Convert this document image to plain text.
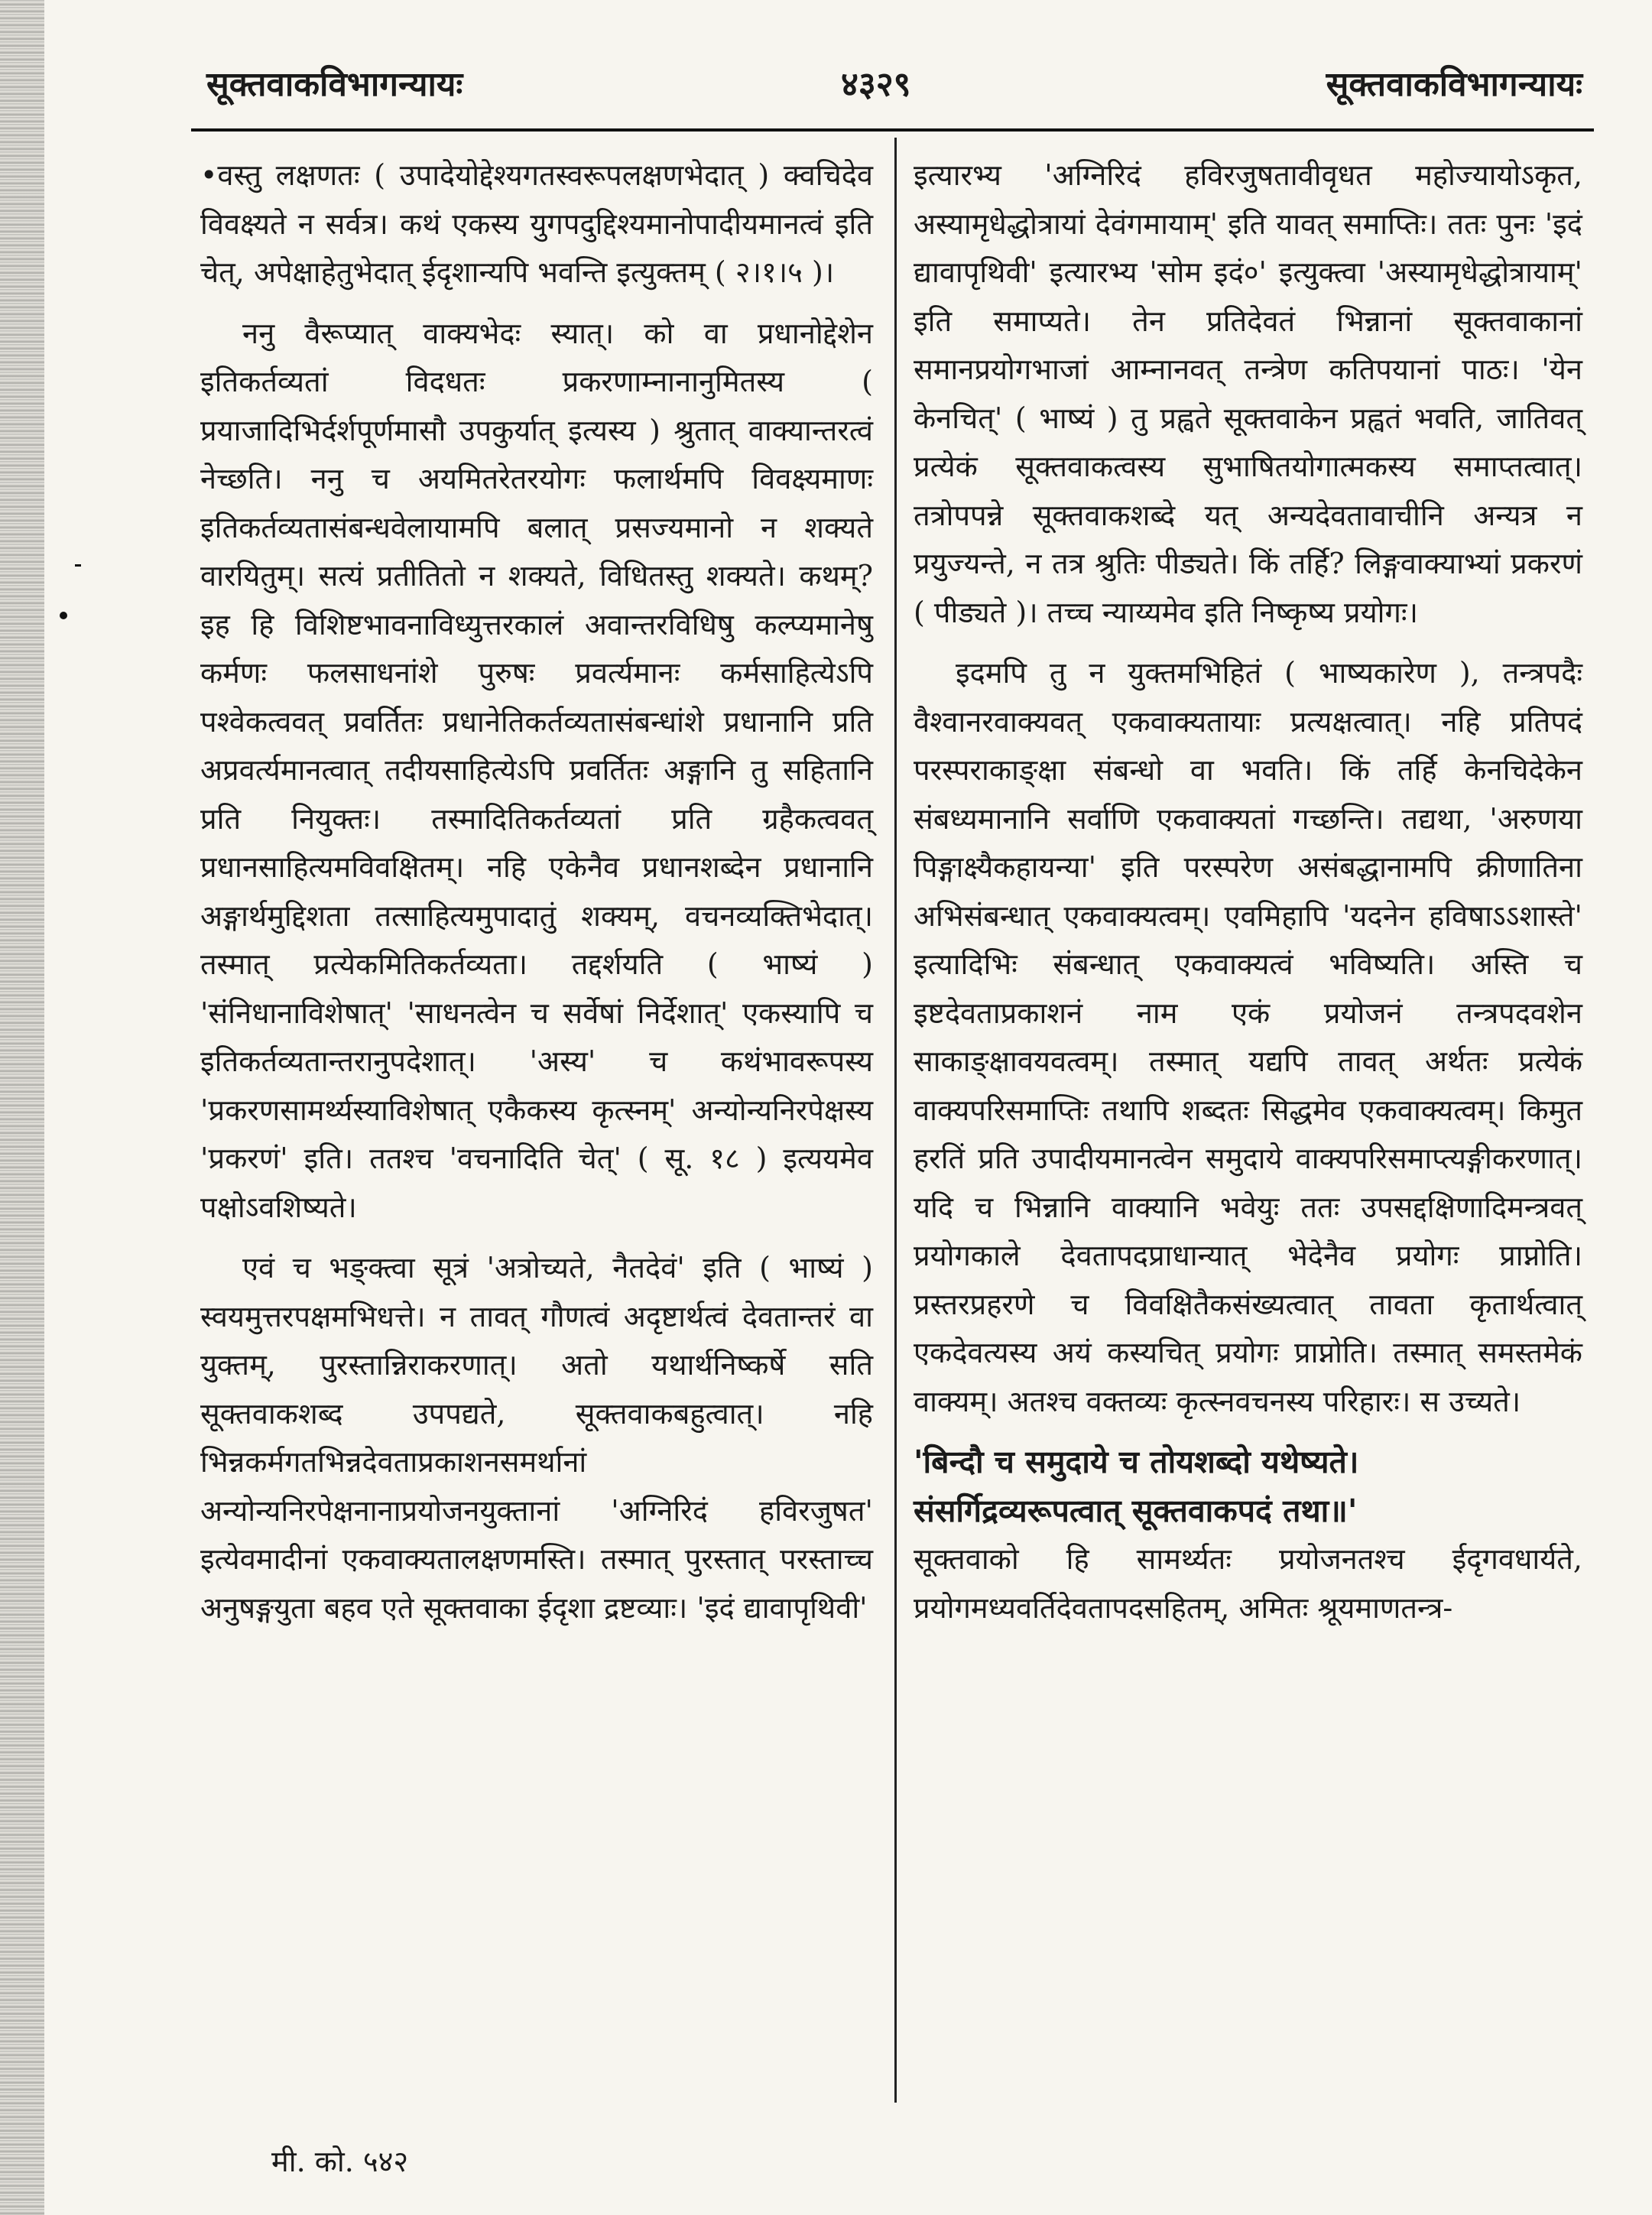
सूक्तवाकविभागन्यायः	४३२९	सूक्तवाकविभागन्यायः

•वस्तु लक्षणतः ( उपादेयोद्देश्यगतस्वरूपलक्षणभेदात् ) क्वचिदेव विवक्ष्यते न सर्वत्र। कथं एकस्य युगपदुद्दिश्यमानोपादीयमानत्वं इति चेत्, अपेक्षाहेतुभेदात् ईदृशान्यपि भवन्ति इत्युक्तम् ( २।१।५ )।

ननु वैरूप्यात् वाक्यभेदः स्यात्। को वा प्रधानोद्देशेन इतिकर्तव्यतां विदधतः प्रकरणाम्नानानुमितस्य ( प्रयाजादिभिर्दर्शपूर्णमासौ उपकुर्यात् इत्यस्य ) श्रुतात् वाक्यान्तरत्वं नेच्छति। ननु च अयमितरेतरयोगः फलार्थमपि विवक्ष्यमाणः इतिकर्तव्यतासंबन्धवेलायामपि बलात् प्रसज्यमानो न शक्यते वारयितुम्। सत्यं प्रतीतितो न शक्यते, विधितस्तु शक्यते। कथम्? इह हि विशिष्टभावनाविध्युत्तरकालं अवान्तरविधिषु कल्प्यमानेषु कर्मणः फलसाधनांशे पुरुषः प्रवर्त्यमानः कर्मसाहित्येऽपि पश्वेकत्ववत् प्रवर्तितः प्रधानेतिकर्तव्यतासंबन्धांशे प्रधानानि प्रति अप्रवर्त्यमानत्वात् तदीयसाहित्येऽपि प्रवर्तितः अङ्गानि तु सहितानि प्रति नियुक्तः। तस्मादितिकर्तव्यतां प्रति ग्रहैकत्ववत् प्रधानसाहित्यमविवक्षितम्। नहि एकेनैव प्रधानशब्देन प्रधानानि अङ्गार्थमुद्दिशता तत्साहित्यमुपादातुं शक्यम्, वचनव्यक्तिभेदात्। तस्मात् प्रत्येकमितिकर्तव्यता। तद्दर्शयति ( भाष्यं ) 'संनिधानाविशेषात्' 'साधनत्वेन च सर्वेषां निर्देशात्' एकस्यापि च इतिकर्तव्यतान्तरानुपदेशात्। 'अस्य' च कथंभावरूपस्य 'प्रकरणसामर्थ्यस्याविशेषात् एकैकस्य कृत्स्नम्' अन्योन्यनिरपेक्षस्य 'प्रकरणं' इति। ततश्च 'वचनादिति चेत्' ( सू. १८ ) इत्ययमेव पक्षोऽवशिष्यते।

एवं च भङ्क्त्वा सूत्रं 'अत्रोच्यते, नैतदेवं' इति ( भाष्यं ) स्वयमुत्तरपक्षमभिधत्ते। न तावत् गौणत्वं अदृष्टार्थत्वं देवतान्तरं वा युक्तम्, पुरस्तान्निराकरणात्। अतो यथार्थनिष्कर्षे सति सूक्तवाकशब्द उपपद्यते, सूक्तवाकबहुत्वात्। नहि भिन्नकर्मगतभिन्नदेवताप्रकाशनसमर्थानां अन्योन्यनिरपेक्षनानाप्रयोजनयुक्तानां 'अग्निरिदं हविरजुषत' इत्येवमादीनां एकवाक्यतालक्षणमस्ति। तस्मात् पुरस्तात् परस्ताच्च अनुषङ्गयुता बहव एते सूक्तवाका ईदृशा द्रष्टव्याः। 'इदं द्यावापृथिवी'

इत्यारभ्य 'अग्निरिदं हविरजुषतावीवृधत महोज्यायोऽकृत, अस्यामृधेद्धोत्रायां देवंगमायाम्' इति यावत् समाप्तिः। ततः पुनः 'इदं द्यावापृथिवी' इत्यारभ्य 'सोम इदं०' इत्युक्त्वा 'अस्यामृधेद्धोत्रायाम्' इति समाप्यते। तेन प्रतिदेवतं भिन्नानां सूक्तवाकानां समानप्रयोगभाजां आम्नानवत् तन्त्रेण कतिपयानां पाठः। 'येन केनचित्' ( भाष्यं ) तु प्रह्वते सूक्तवाकेन प्रह्वतं भवति, जातिवत् प्रत्येकं सूक्तवाकत्वस्य सुभाषितयोगात्मकस्य समाप्तत्वात्। तत्रोपपन्ने सूक्तवाकशब्दे यत् अन्यदेवतावाचीनि अन्यत्र न प्रयुज्यन्ते, न तत्र श्रुतिः पीड्यते। किं तर्हि? लिङ्गवाक्याभ्यां प्रकरणं ( पीड्यते )। तच्च न्याय्यमेव इति निष्कृष्य प्रयोगः।

इदमपि तु न युक्तमभिहितं ( भाष्यकारेण ), तन्त्रपदैः वैश्वानरवाक्यवत् एकवाक्यतायाः प्रत्यक्षत्वात्। नहि प्रतिपदं परस्पराकाङ्क्षा संबन्धो वा भवति। किं तर्हि केनचिदेकेन संबध्यमानानि सर्वाणि एकवाक्यतां गच्छन्ति। तद्यथा, 'अरुणया पिङ्गाक्ष्यैकहायन्या' इति परस्परेण असंबद्धानामपि क्रीणातिना अभिसंबन्धात् एकवाक्यत्वम्। एवमिहापि 'यदनेन हविषाऽऽशास्ते' इत्यादिभिः संबन्धात् एकवाक्यत्वं भविष्यति। अस्ति च इष्टदेवताप्रकाशनं नाम एकं प्रयोजनं तन्त्रपदवशेन साकाङ्क्षावयवत्वम्। तस्मात् यद्यपि तावत् अर्थतः प्रत्येकं वाक्यपरिसमाप्तिः तथापि शब्दतः सिद्धमेव एकवाक्यत्वम्। किमुत हरतिं प्रति उपादीयमानत्वेन समुदाये वाक्यपरिसमाप्त्यङ्गीकरणात्। यदि च भिन्नानि वाक्यानि भवेयुः ततः उपसद्दक्षिणादिमन्त्रवत् प्रयोगकाले देवतापदप्राधान्यात् भेदेनैव प्रयोगः प्राप्नोति। प्रस्तरप्रहरणे च विवक्षितैकसंख्यत्वात् तावता कृतार्थत्वात् एकदेवत्यस्य अयं कस्यचित् प्रयोगः प्राप्नोति। तस्मात् समस्तमेकं वाक्यम्। अतश्च वक्तव्यः कृत्स्नवचनस्य परिहारः। स उच्यते।

'बिन्दौ च समुदाये च तोयशब्दो यथेष्यते।
संसर्गिद्रव्यरूपत्वात् सूक्तवाकपदं तथा॥'

सूक्तवाको हि सामर्थ्यतः प्रयोजनतश्च ईदृगवधार्यते, प्रयोगमध्यवर्तिदेवतापदसहितम्, अमितः श्रूयमाणतन्त्र-

मी. को. ५४२
